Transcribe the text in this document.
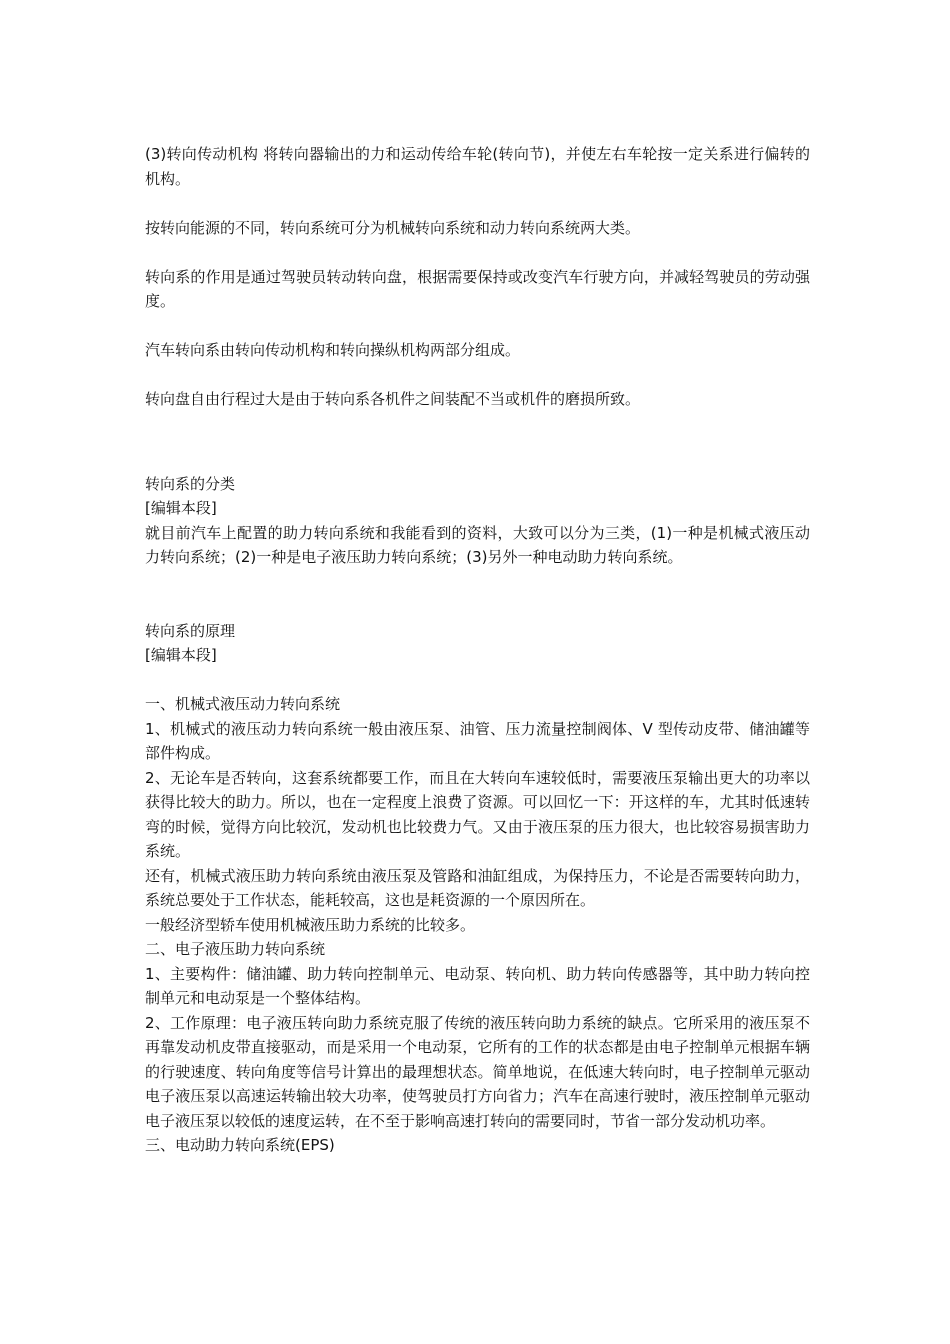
(3)转向传动机构 将转向器输出的力和运动传给车轮(转向节)，并使左右车轮按一定关系进行偏转的机构。

按转向能源的不同，转向系统可分为机械转向系统和动力转向系统两大类。

转向系的作用是通过驾驶员转动转向盘，根据需要保持或改变汽车行驶方向，并减轻驾驶员的劳动强度。

汽车转向系由转向传动机构和转向操纵机构两部分组成。

转向盘自由行程过大是由于转向系各机件之间装配不当或机件的磨损所致。

转向系的分类

[编辑本段]

就目前汽车上配置的助力转向系统和我能看到的资料，大致可以分为三类，(1)一种是机械式液压动力转向系统；(2)一种是电子液压助力转向系统；(3)另外一种电动助力转向系统。

转向系的原理

[编辑本段]

一、机械式液压动力转向系统

1、机械式的液压动力转向系统一般由液压泵、油管、压力流量控制阀体、V 型传动皮带、储油罐等部件构成。

2、无论车是否转向，这套系统都要工作，而且在大转向车速较低时，需要液压泵输出更大的功率以获得比较大的助力。所以，也在一定程度上浪费了资源。可以回忆一下：开这样的车，尤其时低速转弯的时候，觉得方向比较沉，发动机也比较费力气。又由于液压泵的压力很大，也比较容易损害助力系统。

还有，机械式液压助力转向系统由液压泵及管路和油缸组成，为保持压力，不论是否需要转向助力，系统总要处于工作状态，能耗较高，这也是耗资源的一个原因所在。

一般经济型轿车使用机械液压助力系统的比较多。

二、电子液压助力转向系统

1、主要构件：储油罐、助力转向控制单元、电动泵、转向机、助力转向传感器等，其中助力转向控制单元和电动泵是一个整体结构。

2、工作原理：电子液压转向助力系统克服了传统的液压转向助力系统的缺点。它所采用的液压泵不再靠发动机皮带直接驱动，而是采用一个电动泵，它所有的工作的状态都是由电子控制单元根据车辆的行驶速度、转向角度等信号计算出的最理想状态。简单地说，在低速大转向时，电子控制单元驱动电子液压泵以高速运转输出较大功率，使驾驶员打方向省力；汽车在高速行驶时，液压控制单元驱动电子液压泵以较低的速度运转，在不至于影响高速打转向的需要同时，节省一部分发动机功率。

三、电动助力转向系统(EPS)
